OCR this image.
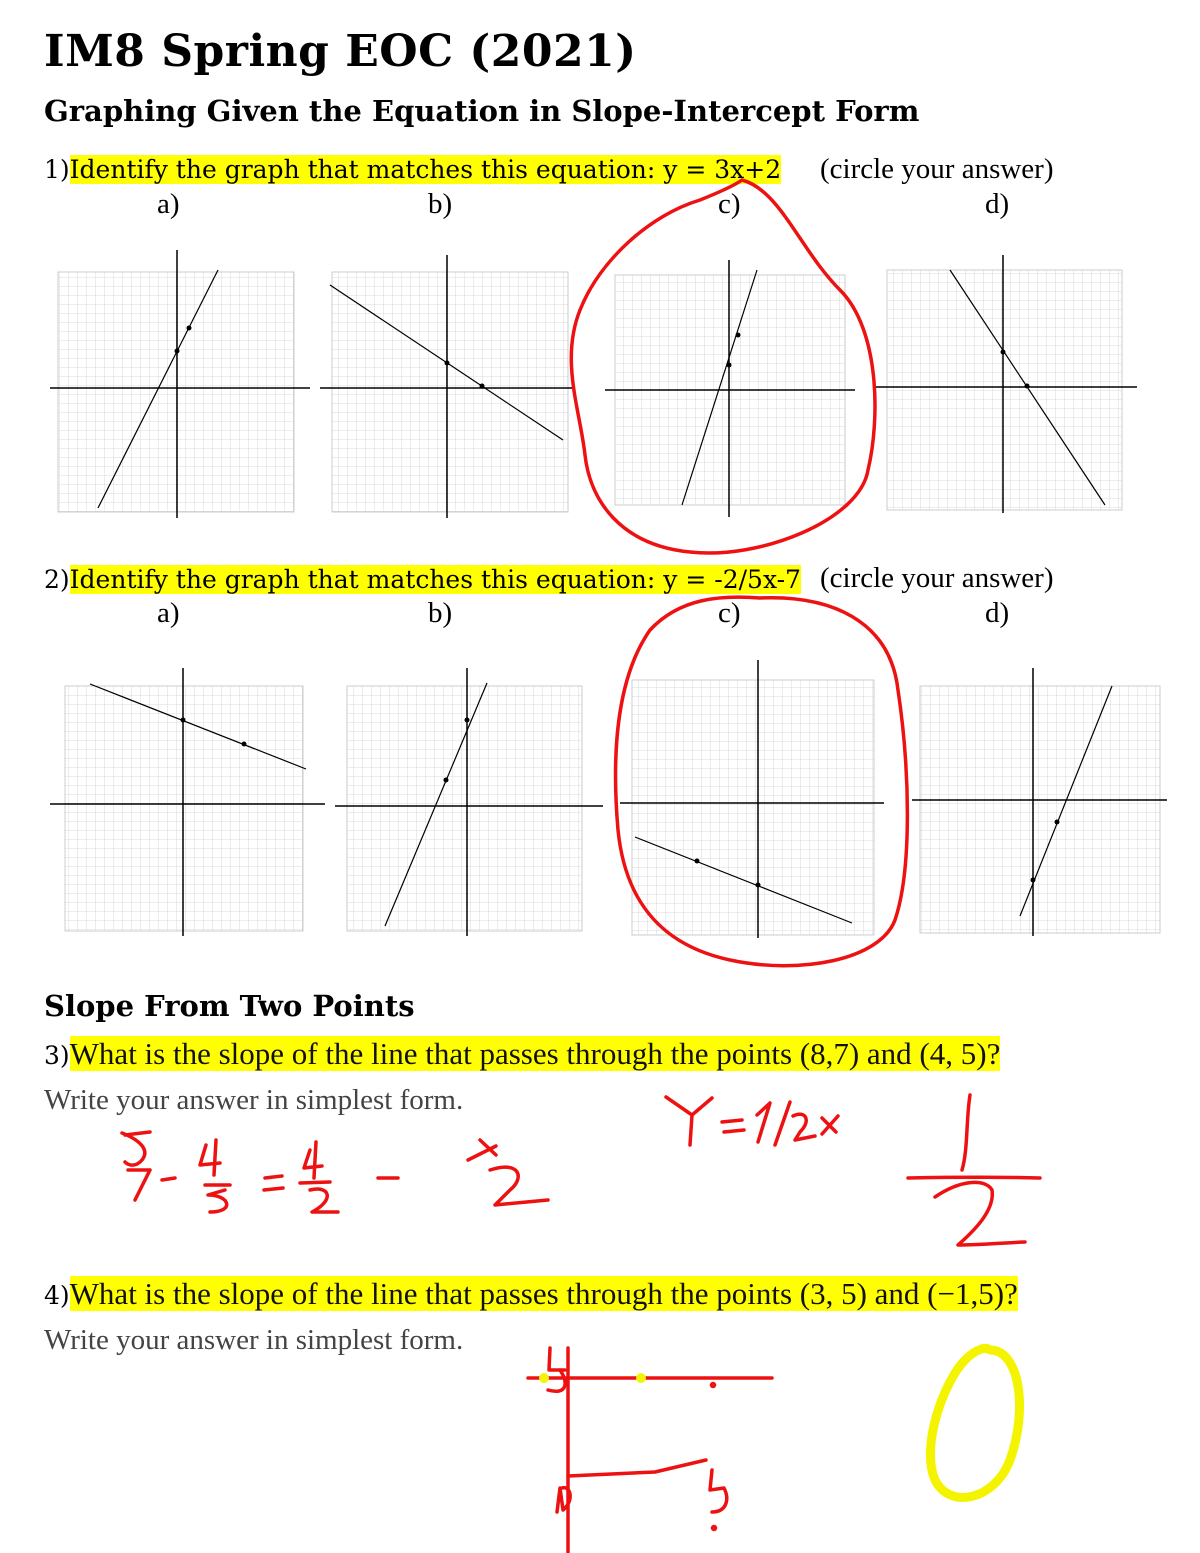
IM8 Spring EOC (2021)
Graphing Given the Equation in Slope-Intercept Form
1)Identify the graph that matches this equation: y = 3x+2 (circle your answer)
a)	b)	c)	d)
2)Identify the graph that matches this equation: y = -2/5x-7 (circle your answer)
a)	b)	c)	d)
Slope From Two Points
3)What is the slope of the line that passes through the points (8,7) and (4, 5)?
Write your answer in simplest form.
4)What is the slope of the line that passes through the points (3, 5) and (−1,5)?
Write your answer in simplest form.
